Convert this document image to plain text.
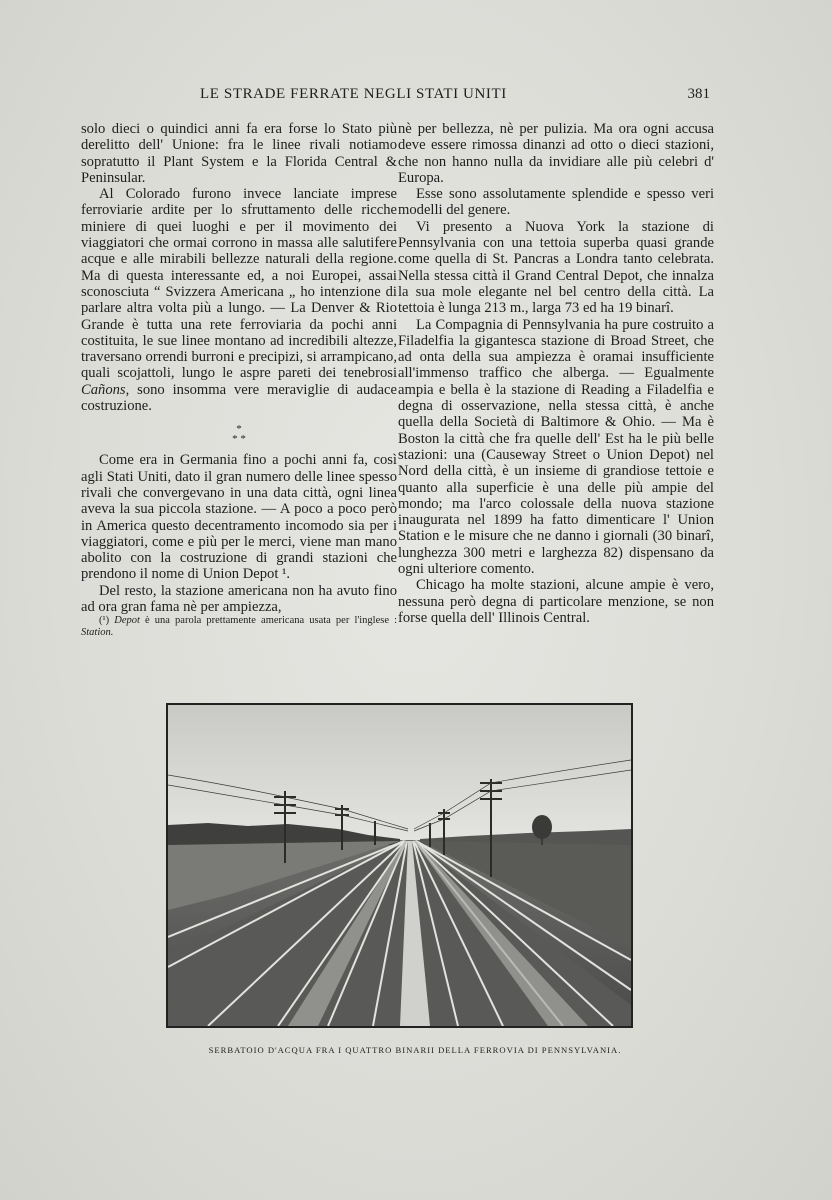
LE STRADE FERRATE NEGLI STATI UNITI	381

solo dieci o quindici anni fa era forse lo Stato più derelitto dell' Unione: fra le linee rivali notiamo sopratutto il Plant System e la Florida Central & Peninsular.

Al Colorado furono invece lanciate imprese ferroviarie ardite per lo sfruttamento delle ricche miniere di quei luoghi e per il movimento dei viaggiatori che ormai corrono in massa alle salutifere acque e alle mirabili bellezze naturali della regione. Ma di questa interessante ed, a noi Europei, assai sconosciuta “ Svizzera Americana „ ho intenzione di parlare altra volta più a lungo. — La Denver & Rio Grande è tutta una rete ferroviaria da pochi anni costituita, le sue linee montano ad incredibili altezze, traversano orrendi burroni e precipizi, si arrampicano, quali scojattoli, lungo le aspre pareti dei tenebrosi Cañons, sono insomma vere meraviglie di audace costruzione.

*
* *

Come era in Germania fino a pochi anni fa, così agli Stati Uniti, dato il gran numero delle linee spesso rivali che convergevano in una data città, ogni linea aveva la sua piccola stazione. — A poco a poco però in America questo decentramento incomodo sia per i viaggiatori, come e più per le merci, viene man mano abolito con la costruzione di grandi stazioni che prendono il nome di Union Depot ¹.

Del resto, la stazione americana non ha avuto fino ad ora gran fama nè per ampiezza,

(¹) Depot è una parola prettamente americana usata per l'inglese : Station.

nè per bellezza, nè per pulizia. Ma ora ogni accusa deve essere rimossa dinanzi ad otto o dieci stazioni, che non hanno nulla da invidiare alle più celebri d' Europa.

Esse sono assolutamente splendide e spesso veri modelli del genere.

Vi presento a Nuova York la stazione di Pennsylvania con una tettoia superba quasi grande come quella di St. Pancras a Londra tanto celebrata. Nella stessa città il Grand Central Depot, che innalza la sua mole elegante nel bel centro della città. La tettoia è lunga 213 m., larga 73 ed ha 19 binarî.

La Compagnia di Pennsylvania ha pure costruito a Filadelfia la gigantesca stazione di Broad Street, che ad onta della sua ampiezza è oramai insufficiente all'immenso traffico che alberga. — Egualmente ampia e bella è la stazione di Reading a Filadelfia e degna di osservazione, nella stessa città, è anche quella della Società di Baltimore & Ohio. — Ma è Boston la città che fra quelle dell' Est ha le più belle stazioni: una (Causeway Street o Union Depot) nel Nord della città, è un insieme di grandiose tettoie e quanto alla superficie è una delle più ampie del mondo; ma l'arco colossale della nuova stazione inaugurata nel 1899 ha fatto dimenticare l' Union Station e le misure che ne danno i giornali (30 binarî, lunghezza 300 metri e larghezza 82) dispensano da ogni ulteriore comento.

Chicago ha molte stazioni, alcune ampie è vero, nessuna però degna di particolare menzione, se non forse quella dell' Illinois Central.

SERBATOIO D'ACQUA FRA I QUATTRO BINARII DELLA FERROVIA DI PENNSYLVANIA.
